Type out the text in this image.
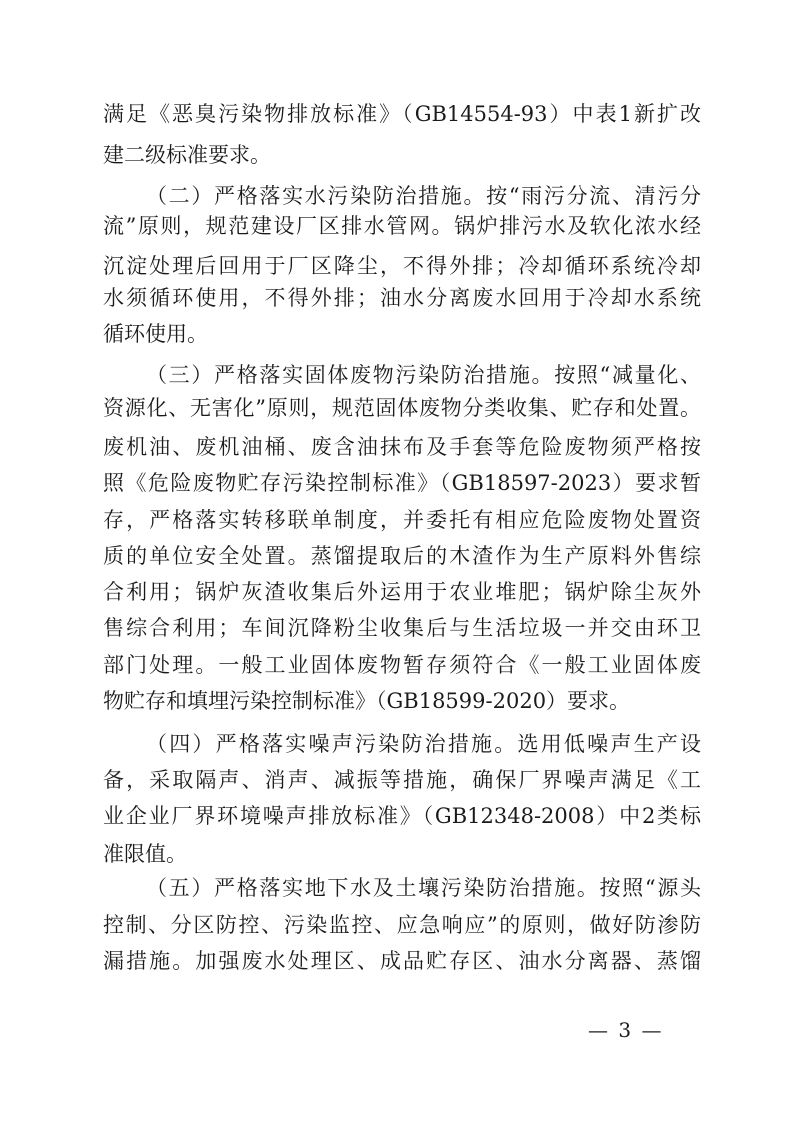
满足《恶臭污染物排放标准》（GB14554-93）中表1新扩改
建二级标准要求。
（二）严格落实水污染防治措施。按“雨污分流、清污分
流”原则，规范建设厂区排水管网。锅炉排污水及软化浓水经
沉淀处理后回用于厂区降尘，不得外排；冷却循环系统冷却
水须循环使用，不得外排；油水分离废水回用于冷却水系统
循环使用。
（三）严格落实固体废物污染防治措施。按照“减量化、
资源化、无害化”原则，规范固体废物分类收集、贮存和处置。
废机油、废机油桶、废含油抹布及手套等危险废物须严格按
照《危险废物贮存污染控制标准》（GB18597-2023）要求暂
存，严格落实转移联单制度，并委托有相应危险废物处置资
质的单位安全处置。蒸馏提取后的木渣作为生产原料外售综
合利用；锅炉灰渣收集后外运用于农业堆肥；锅炉除尘灰外
售综合利用；车间沉降粉尘收集后与生活垃圾一并交由环卫
部门处理。一般工业固体废物暂存须符合《一般工业固体废
物贮存和填埋污染控制标准》（GB18599-2020）要求。
（四）严格落实噪声污染防治措施。选用低噪声生产设
备，采取隔声、消声、减振等措施，确保厂界噪声满足《工
业企业厂界环境噪声排放标准》（GB12348-2008）中2类标
准限值。
（五）严格落实地下水及土壤污染防治措施。按照“源头
控制、分区防控、污染监控、应急响应”的原则，做好防渗防
漏措施。加强废水处理区、成品贮存区、油水分离器、蒸馏
— 3 —
